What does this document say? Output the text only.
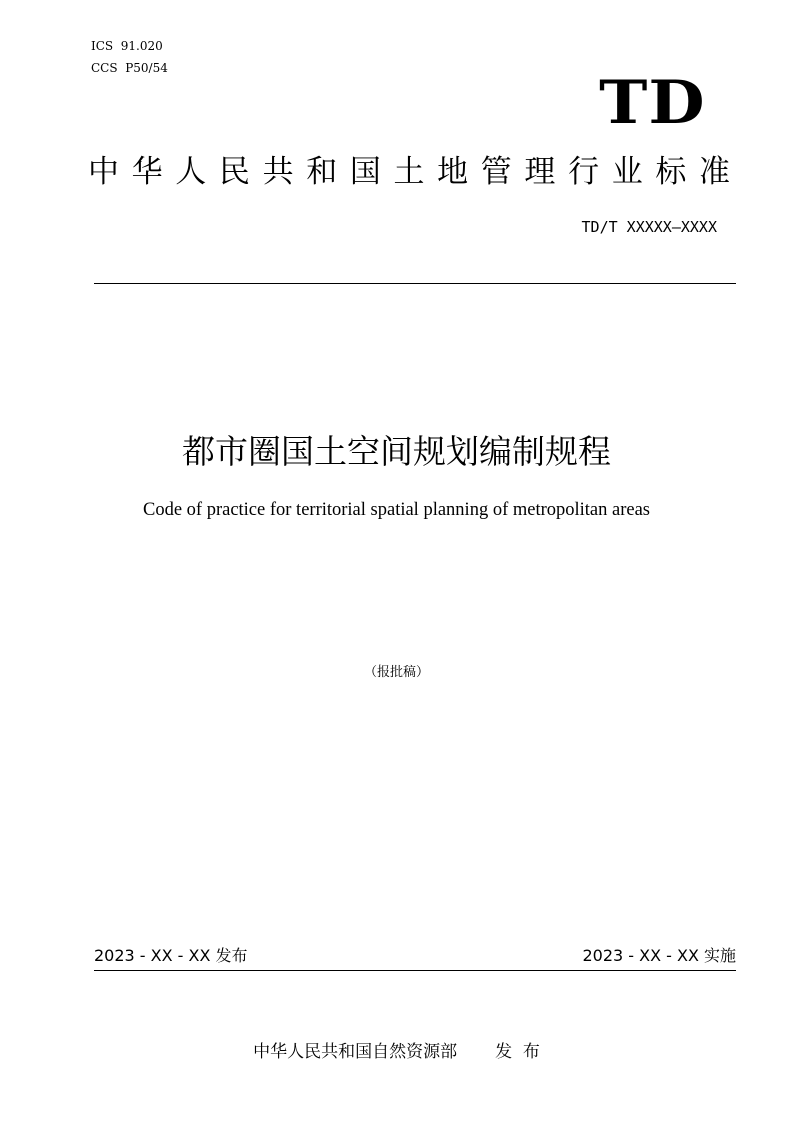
ICS  91.020
CCS  P50/54	TD
中华人民共和国土地管理行业标准
TD/T XXXXX—XXXX
都市圈国土空间规划编制规程
Code of practice for territorial spatial planning of metropolitan areas
（报批稿）
2023 - XX - XX 发布	2023 - XX - XX 实施
中华人民共和国自然资源部 发  布
